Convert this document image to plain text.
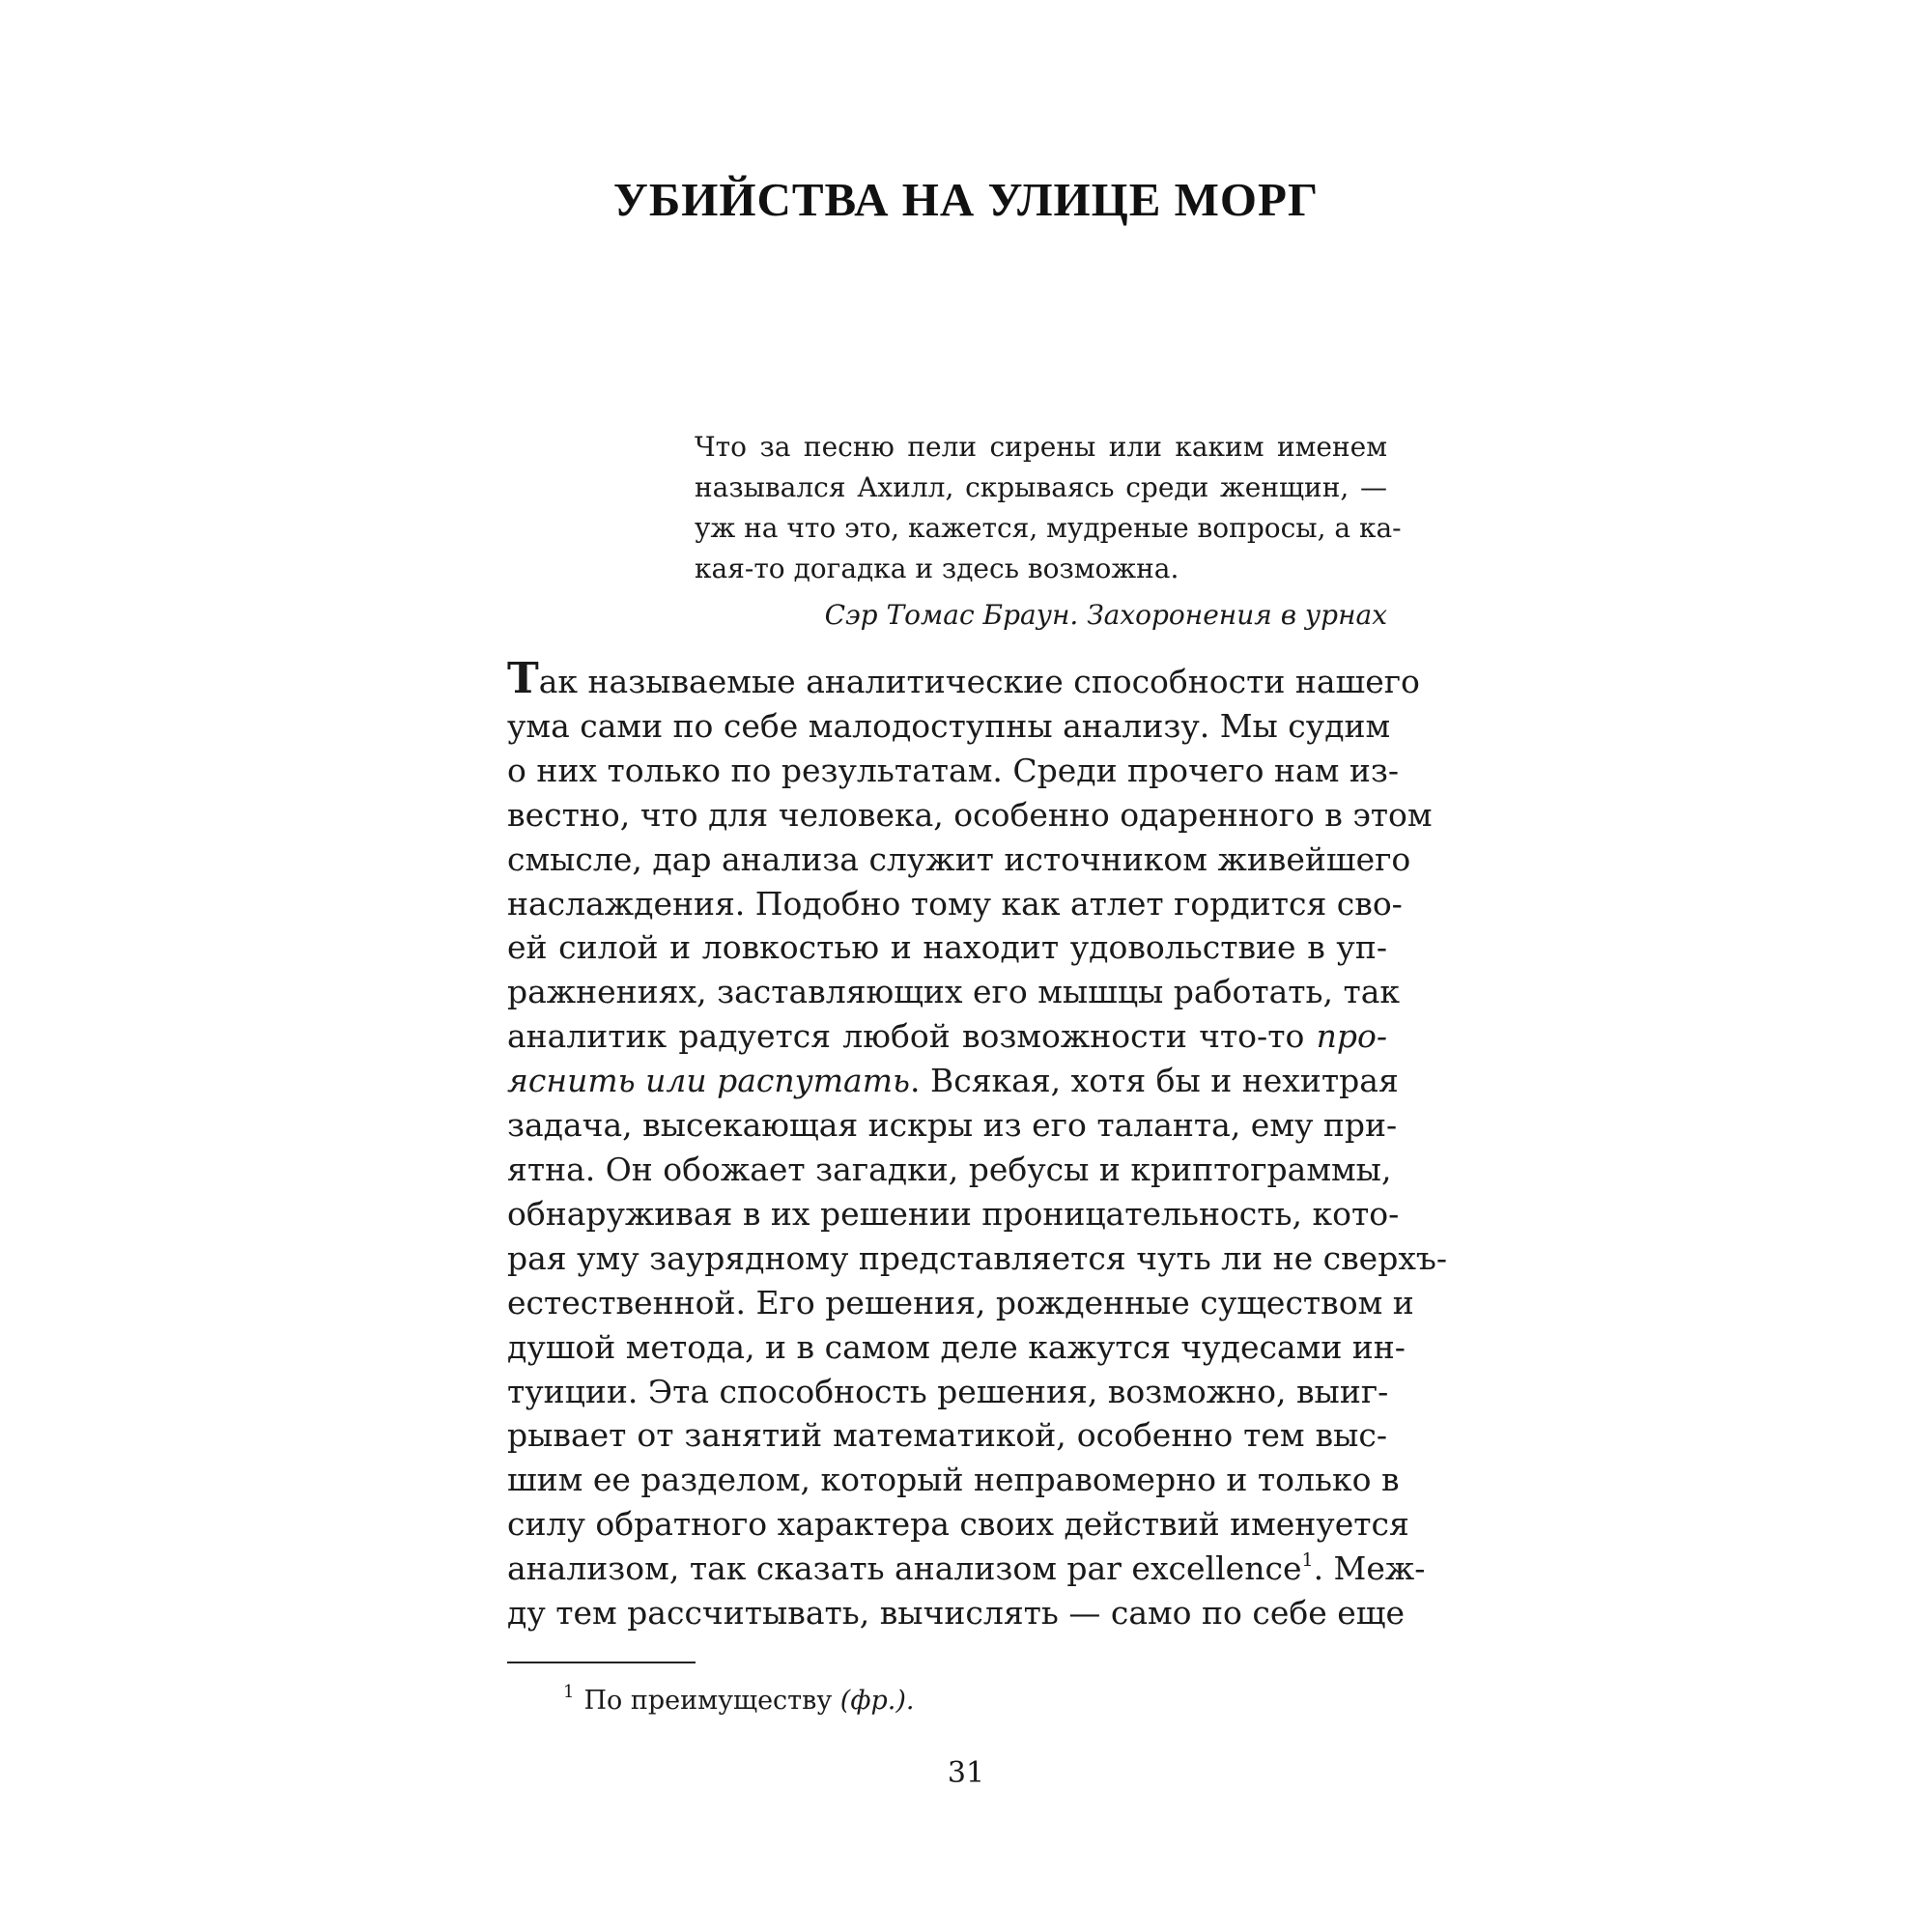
УБИЙСТВА НА УЛИЦЕ МОРГ
Что за песню пели сирены или каким именем
назывался Ахилл, скрываясь среди женщин, —
уж на что это, кажется, мудреные вопросы, а ка-
кая-то догадка и здесь возможна.
Сэр Томас Браун. Захоронения в урнах
Так называемые аналитические способности нашего
ума сами по себе малодоступны анализу. Мы судим
о них только по результатам. Среди прочего нам из-
вестно, что для человека, особенно одаренного в этом
смысле, дар анализа служит источником живейшего
наслаждения. Подобно тому как атлет гордится сво-
ей силой и ловкостью и находит удовольствие в уп-
ражнениях, заставляющих его мышцы работать, так
аналитик радуется любой возможности что-то про-
яснить или распутать. Всякая, хотя бы и нехитрая
задача, высекающая искры из его таланта, ему при-
ятна. Он обожает загадки, ребусы и криптограммы,
обнаруживая в их решении проницательность, кото-
рая уму заурядному представляется чуть ли не сверхъ-
естественной. Его решения, рожденные существом и
душой метода, и в самом деле кажутся чудесами ин-
туиции. Эта способность решения, возможно, выиг-
рывает от занятий математикой, особенно тем выс-
шим ее разделом, который неправомерно и только в
силу обратного характера своих действий именуется
анализом, так сказать анализом par excellence$^1$. Меж-
ду тем рассчитывать, вычислять — само по себе еще
$^1$ По преимуществу (фр.).
31
